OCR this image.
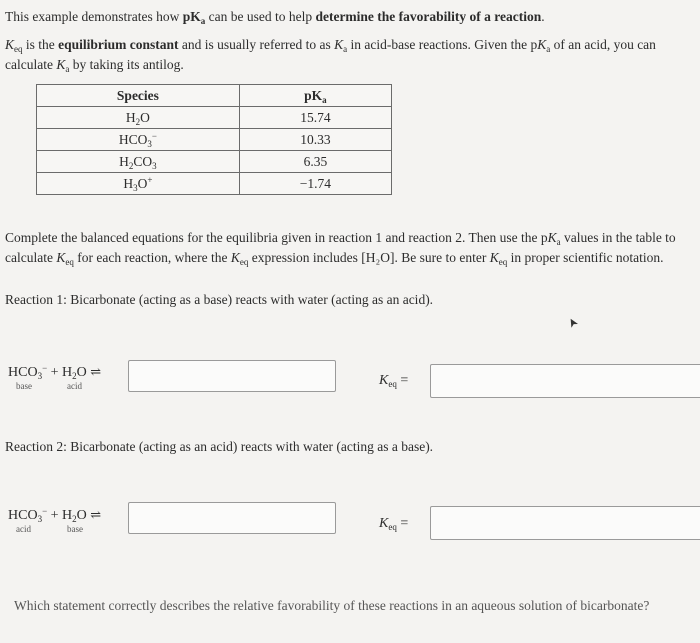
This example demonstrates how $pK_a$ can be used to help determine the favorability of a reaction.
$K_{eq}$ is the equilibrium constant and is usually referred to as $K_a$ in acid-base reactions. Given the $pK_a$ of an acid, you can
calculate $K_a$ by taking its antilog.
Species	$pK_a$
$H_2O$	15.74
$HCO_3^-$	10.33
$H_2CO_3$	6.35
$H_3O^+$	−1.74
Complete the balanced equations for the equilibria given in reaction 1 and reaction 2. Then use the $pK_a$ values in the table to
calculate $K_{eq}$ for each reaction, where the $K_{eq}$ expression includes [H₂O]. Be sure to enter $K_{eq}$ in proper scientific notation.
Reaction 1: Bicarbonate (acting as a base) reacts with water (acting as an acid).
$HCO_3^- + H_2O$ ⇌
base	acid	$K_{eq}$ =
➤
Reaction 2: Bicarbonate (acting as an acid) reacts with water (acting as a base).
$HCO_3^- + H_2O$ ⇌
acid	base	$K_{eq}$ =
Which statement correctly describes the relative favorability of these reactions in an aqueous solution of bicarbonate?
